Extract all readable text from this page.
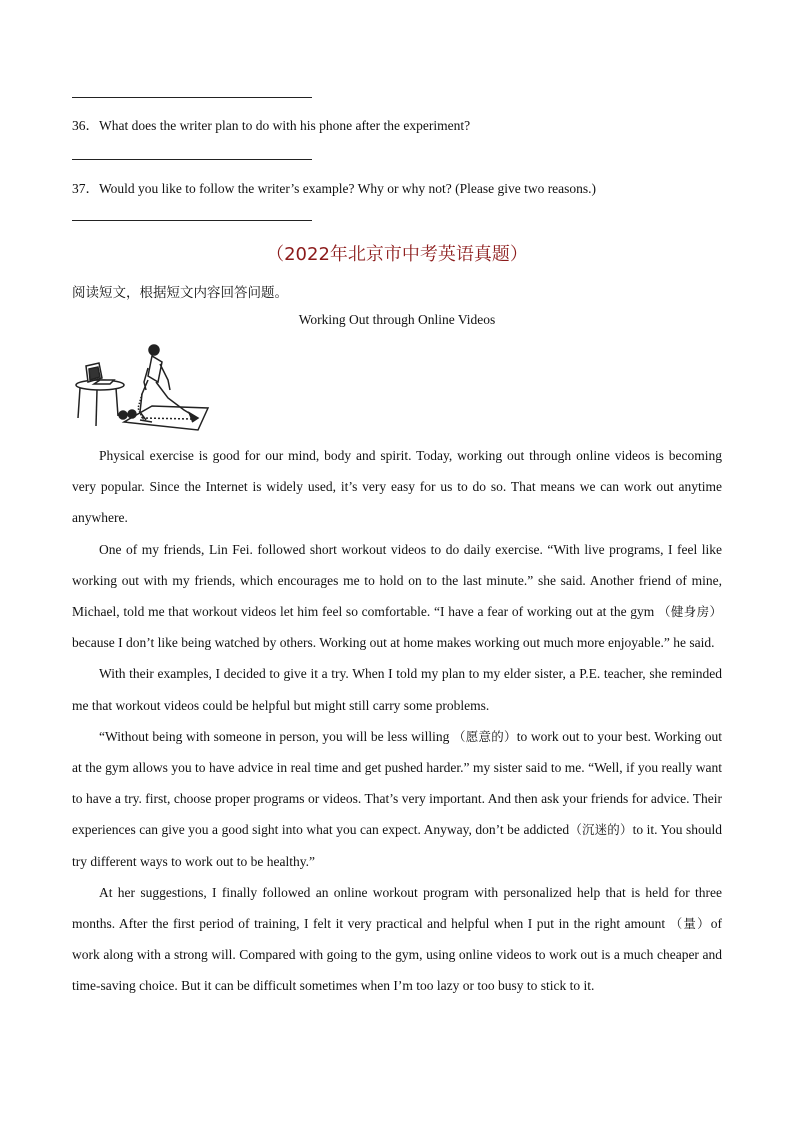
36．What does the writer plan to do with his phone after the experiment?
37．Would you like to follow the writer’s example? Why or why not? (Please give two reasons.)
（2022年北京市中考英语真题）
阅读短文，根据短文内容回答问题。
Working Out through Online Videos

Physical exercise is good for our mind, body and spirit. Today, working out through online videos is becoming very popular. Since the Internet is widely used, it’s very easy for us to do so. That means we can work out anytime anywhere.

One of my friends, Lin Fei. followed short workout videos to do daily exercise. “With live programs, I feel like working out with my friends, which encourages me to hold on to the last minute.” she said. Another friend of mine, Michael, told me that workout videos let him feel so comfortable. “I have a fear of working out at the gym （健身房）because I don’t like being watched by others. Working out at home makes working out much more enjoyable.” he said.

With their examples, I decided to give it a try. When I told my plan to my elder sister, a P.E. teacher, she reminded me that workout videos could be helpful but might still carry some problems.

“Without being with someone in person, you will be less willing （愿意的）to work out to your best. Working out at the gym allows you to have advice in real time and get pushed harder.” my sister said to me. “Well, if you really want to have a try. first, choose proper programs or videos. That’s very important. And then ask your friends for advice. Their experiences can give you a good sight into what you can expect. Anyway, don’t be addicted（沉迷的）to it. You should try different ways to work out to be healthy.”

At her suggestions, I finally followed an online workout program with personalized help that is held for three months. After the first period of training, I felt it very practical and helpful when I put in the right amount （量）of work along with a strong will. Compared with going to the gym, using online videos to work out is a much cheaper and time-saving choice. But it can be difficult sometimes when I’m too lazy or too busy to stick to it.
